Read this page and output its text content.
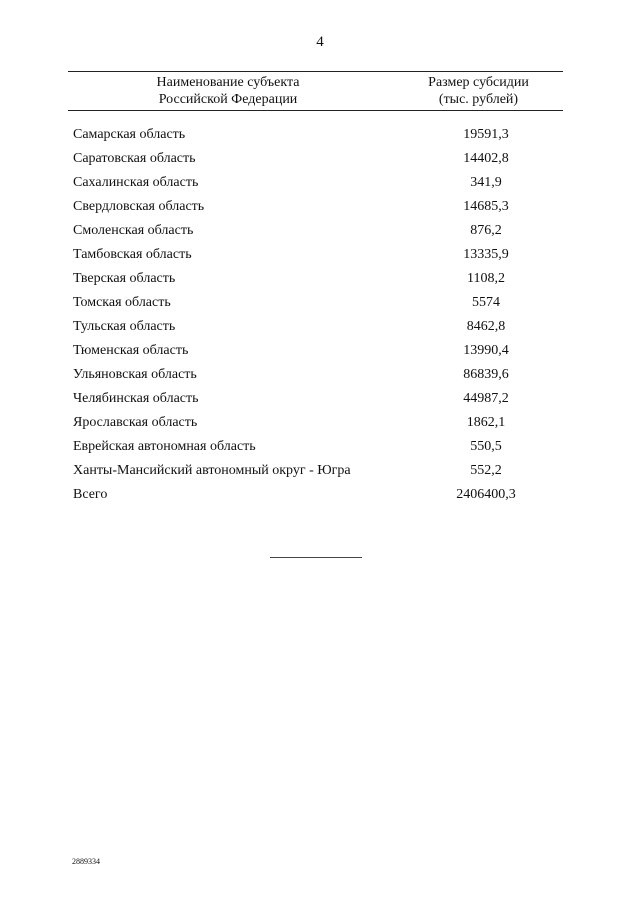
4
Наименование субъекта
Российской Федерации
Размер субсидии
(тыс. рублей)
Самарская область	19591,3
Саратовская область	14402,8
Сахалинская область	341,9
Свердловская область	14685,3
Смоленская область	876,2
Тамбовская область	13335,9
Тверская область	1108,2
Томская область	5574
Тульская область	8462,8
Тюменская область	13990,4
Ульяновская область	86839,6
Челябинская область	44987,2
Ярославская область	1862,1
Еврейская автономная область	550,5
Ханты-Мансийский автономный округ - Югра	552,2
Всего	2406400,3
2889334
